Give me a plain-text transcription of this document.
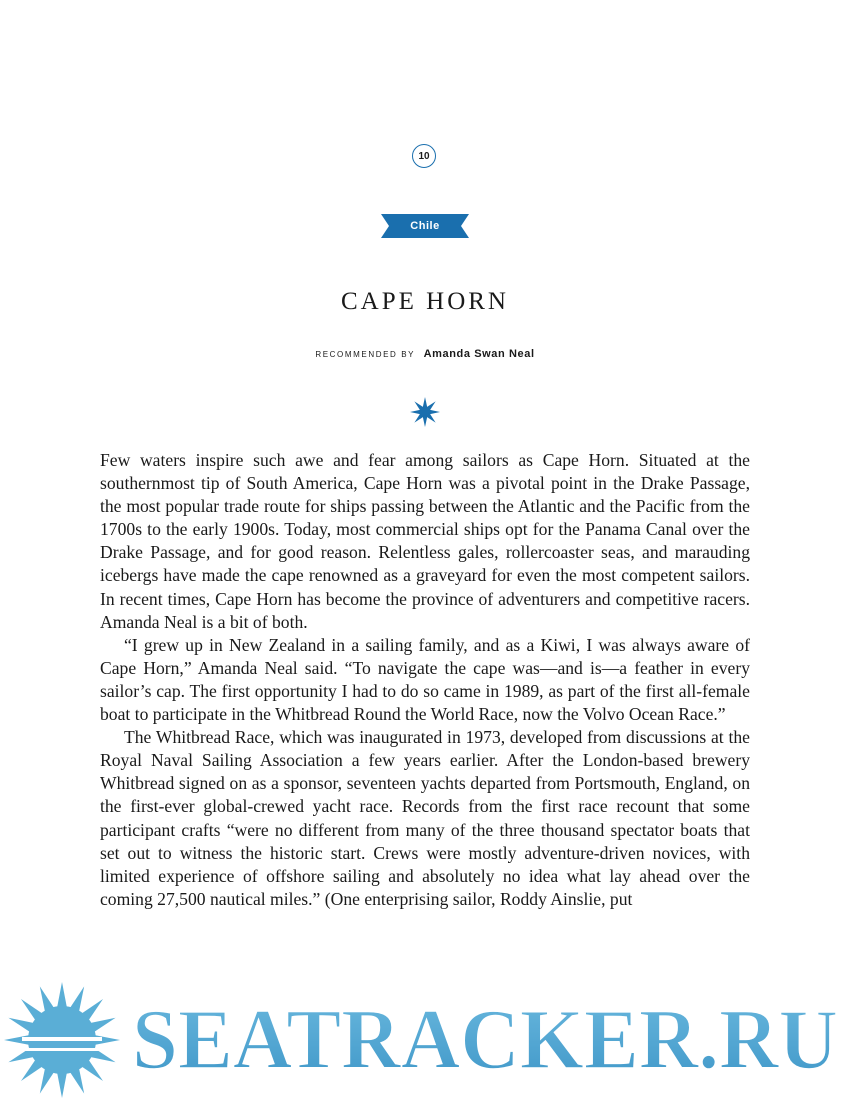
10
Chile
CAPE HORN
RECOMMENDED BY Amanda Swan Neal

Few waters inspire such awe and fear among sailors as Cape Horn. Situated at the southernmost tip of South America, Cape Horn was a pivotal point in the Drake Passage, the most popular trade route for ships passing between the Atlantic and the Pacific from the 1700s to the early 1900s. Today, most commercial ships opt for the Panama Canal over the Drake Passage, and for good reason. Relentless gales, rollercoaster seas, and marauding icebergs have made the cape renowned as a graveyard for even the most competent sailors. In recent times, Cape Horn has become the province of adventurers and competitive racers. Amanda Neal is a bit of both.

“I grew up in New Zealand in a sailing family, and as a Kiwi, I was always aware of Cape Horn,” Amanda Neal said. “To navigate the cape was—and is—a feather in every sailor’s cap. The first opportunity I had to do so came in 1989, as part of the first all-female boat to participate in the Whitbread Round the World Race, now the Volvo Ocean Race.”

The Whitbread Race, which was inaugurated in 1973, developed from discussions at the Royal Naval Sailing Association a few years earlier. After the London-based brewery Whitbread signed on as a sponsor, seventeen yachts departed from Portsmouth, England, on the first-ever global-crewed yacht race. Records from the first race recount that some participant crafts “were no different from many of the three thousand spectator boats that set out to witness the historic start. Crews were mostly adventure-driven novices, with limited experience of offshore sailing and absolutely no idea what lay ahead over the coming 27,500 nautical miles.” (One enterprising sailor, Roddy Ainslie, put

SEATRACKER.RU
